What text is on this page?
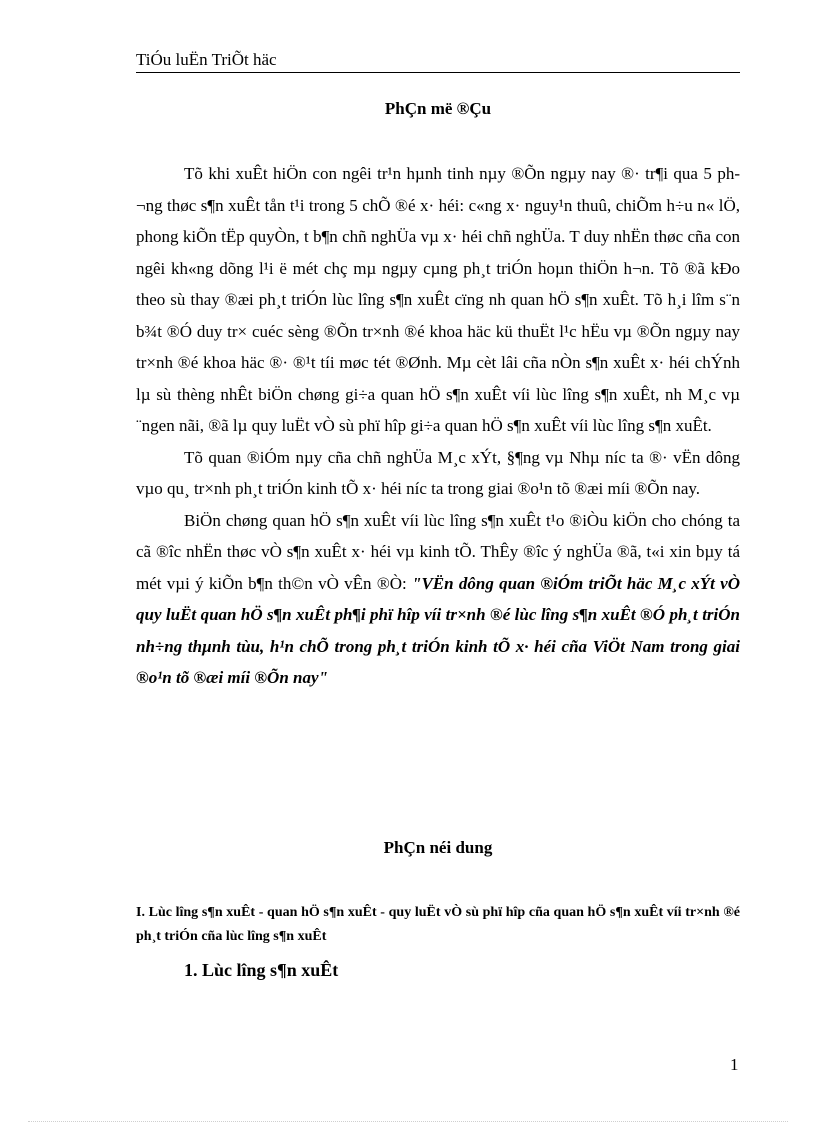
TiÓu luËn TriÕt häc
PhÇn më ®Çu

Tõ khi xuÊt hiÖn con ngêi tr¹n hµnh tinh nµy ®Õn ngµy nay ®· tr¶i qua 5 ph¬ng thøc s¶n xuÊt tån t¹i trong 5 chÕ ®é x· héi: c«ng x· nguy¹n thuû, chiÕm h÷u n« lÖ, phong kiÕn tËp quyÒn, t b¶n chñ nghÜa vµ x· héi chñ nghÜa. T duy nhËn thøc cña con ngêi kh«ng dõng l¹i ë mét chç mµ ngµy cµng ph¸t triÓn hoµn thiÖn h¬n. Tõ ®ã kÐo theo sù thay ®æi ph¸t triÓn lùc lîng s¶n xuÊt cïng nh quan hÖ s¶n xuÊt. Tõ h¸i lîm s¨n b¾t ®Ó duy tr× cuéc sèng ®Õn tr×nh ®é khoa häc kü thuËt l¹c hËu vµ ®Õn ngµy nay tr×nh ®é khoa häc ®· ®¹t tíi møc tét ®Ønh. Mµ cèt lâi cña nÒn s¶n xuÊt x· héi chÝnh lµ sù thèng nhÊt biÖn chøng gi÷a quan hÖ s¶n xuÊt víi lùc lîng s¶n xuÊt, nh M¸c vµ ¨ngen nãi, ®ã lµ quy luËt vÒ sù phï hîp gi÷a quan hÖ s¶n xuÊt víi lùc lîng s¶n xuÊt.

Tõ quan ®iÓm nµy cña chñ nghÜa M¸c xÝt, §¶ng vµ Nhµ níc ta ®· vËn dông vµo qu¸ tr×nh ph¸t triÓn kinh tÕ x· héi níc ta trong giai ®o¹n tõ ®æi míi ®Õn nay.

BiÖn chøng quan hÖ s¶n xuÊt víi lùc lîng s¶n xuÊt t¹o ®iÒu kiÖn cho chóng ta cã ®îc nhËn thøc vÒ s¶n xuÊt x· héi vµ kinh tÕ. ThÊy ®îc ý nghÜa ®ã, t«i xin bµy tá mét vµi ý kiÕn b¶n th©n vÒ vÊn ®Ò: "VËn dông quan ®iÓm triÕt häc M¸c xÝt vÒ quy luËt quan hÖ s¶n xuÊt ph¶i phï hîp víi tr×nh ®é lùc lîng s¶n xuÊt ®Ó ph¸t triÓn nh÷ng thµnh tùu, h¹n chÕ trong ph¸t triÓn kinh tÕ x· héi cña ViÖt Nam trong giai ®o¹n tõ ®æi míi ®Õn nay"

PhÇn néi dung
I. Lùc lîng s¶n xuÊt - quan hÖ s¶n xuÊt - quy luËt vÒ sù phï hîp cña quan hÖ s¶n xuÊt víi tr×nh ®é ph¸t triÓn cña lùc lîng s¶n xuÊt
1. Lùc lîng s¶n xuÊt
1
